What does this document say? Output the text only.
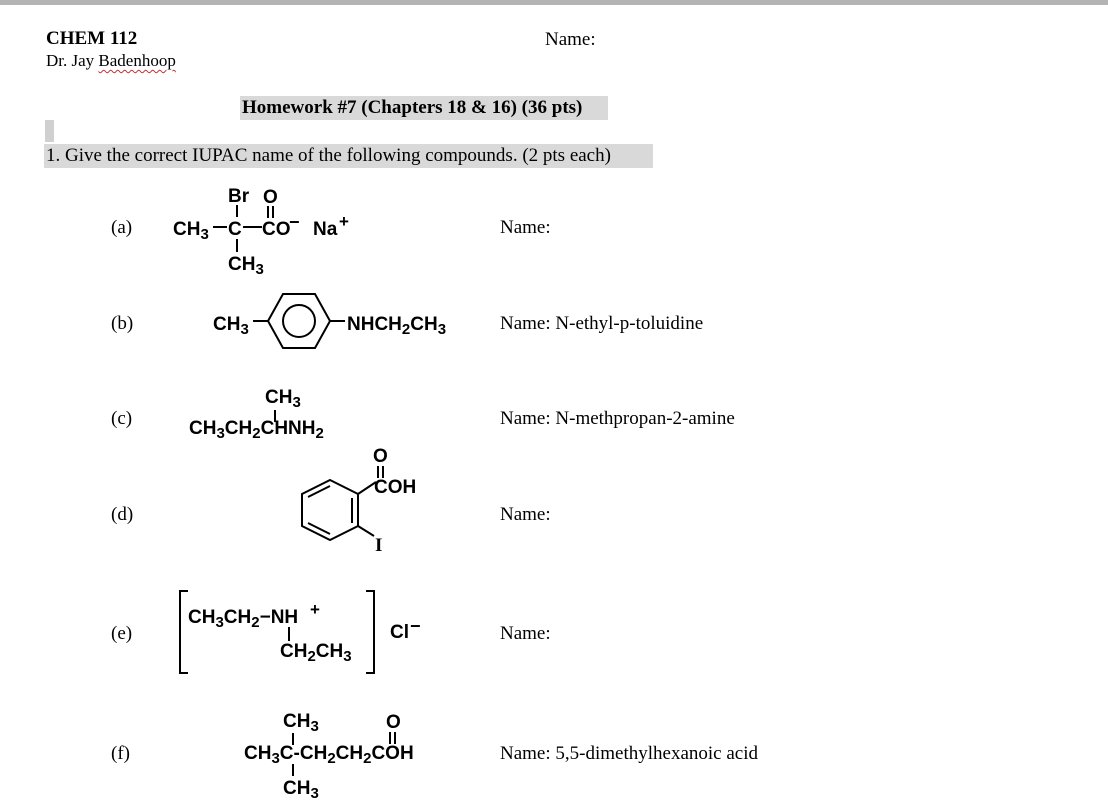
CHEM 112
Dr. Jay Badenhoop
Name:
Homework #7 (Chapters 18 & 16) (36 pts)
1. Give the correct IUPAC name of the following compounds. (2 pts each)
(a)
(b)
(c)
(d)
(e)
(f)
Name:
Name: N-ethyl-p-toluidine
Name: N-methpropan-2-amine
Name:
Name:
Name: 5,5-dimethylhexanoic acid
Br O
$CH_3$ C CO
− Na +
$CH_3$
$CH_3$	$NHCH_2CH_3$
$CH_3$
$CH_3CH_2CHNH_2$
O
COH
I
$CH_3CH_2-NH$ +
$CH_2CH_3$
Cl −
$CH_3$	O
$CH_3C-CH_2CH_2COH$
$CH_3$
